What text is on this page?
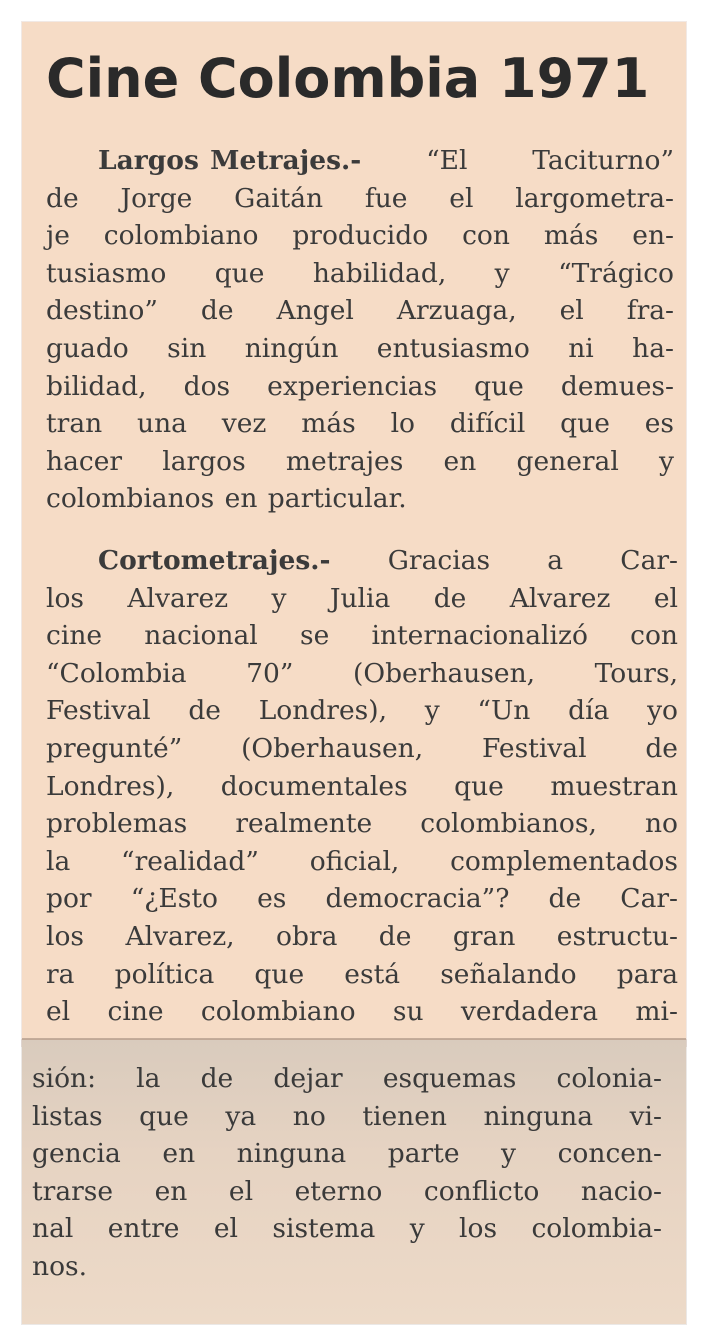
Cine Colombia 1971
Largos Metrajes.- “El Taciturno”
de Jorge Gaitán fue el largometra-
je colombiano producido con más en-
tusiasmo que habilidad, y “Trágico
destino” de Angel Arzuaga, el fra-
guado sin ningún entusiasmo ni ha-
bilidad, dos experiencias que demues-
tran una vez más lo difícil que es
hacer largos metrajes en general y
colombianos en particular.
Cortometrajes.- Gracias a Car-
los Alvarez y Julia de Alvarez el
cine nacional se internacionalizó con
“Colombia 70” (Oberhausen, Tours,
Festival de Londres), y “Un día yo
pregunté” (Oberhausen, Festival de
Londres), documentales que muestran
problemas realmente colombianos, no
la “realidad” oficial, complementados
por “¿Esto es democracia”? de Car-
los Alvarez, obra de gran estructu-
ra política que está señalando para
el cine colombiano su verdadera mi-
sión: la de dejar esquemas colonia-
listas que ya no tienen ninguna vi-
gencia en ninguna parte y concen-
trarse en el eterno conflicto nacio-
nal entre el sistema y los colombia-
nos.
